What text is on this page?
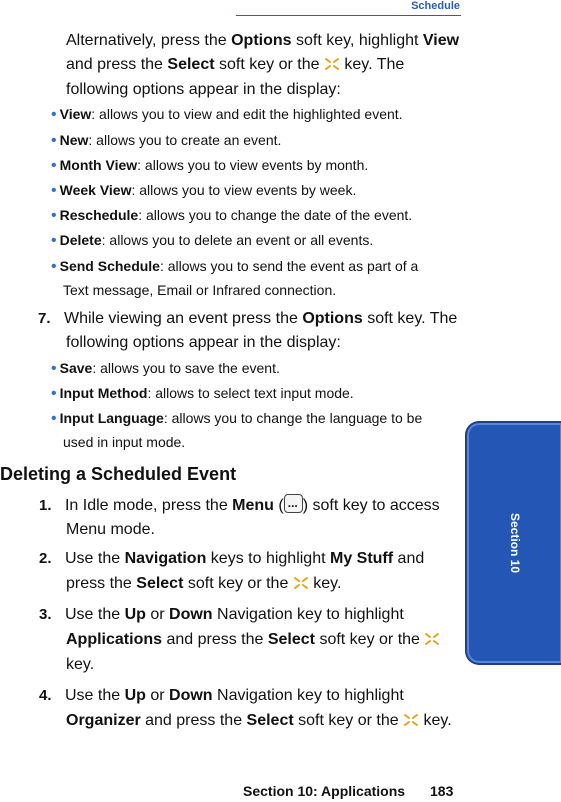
Schedule
Section 10
Alternatively, press the Options soft key, highlight View
and press the Select soft key or the  key. The
following options appear in the display:
• View: allows you to view and edit the highlighted event.
• New: allows you to create an event.
• Month View: allows you to view events by month.
• Week View: allows you to view events by week.
• Reschedule: allows you to change the date of the event.
• Delete: allows you to delete an event or all events.
• Send Schedule: allows you to send the event as part of a
Text message, Email or Infrared connection.
7. While viewing an event press the Options soft key. The
following options appear in the display:
• Save: allows you to save the event.
• Input Method: allows to select text input mode.
• Input Language: allows you to change the language to be
used in input mode.
Deleting a Scheduled Event
1. In Idle mode, press the Menu (... ) soft key to access
Menu mode.
2. Use the Navigation keys to highlight My Stuff and
press the Select soft key or the  key.
3. Use the Up or Down Navigation key to highlight
Applications and press the Select soft key or the
key.
4. Use the Up or Down Navigation key to highlight
Organizer and press the Select soft key or the  key.
Section 10: Applications 183
